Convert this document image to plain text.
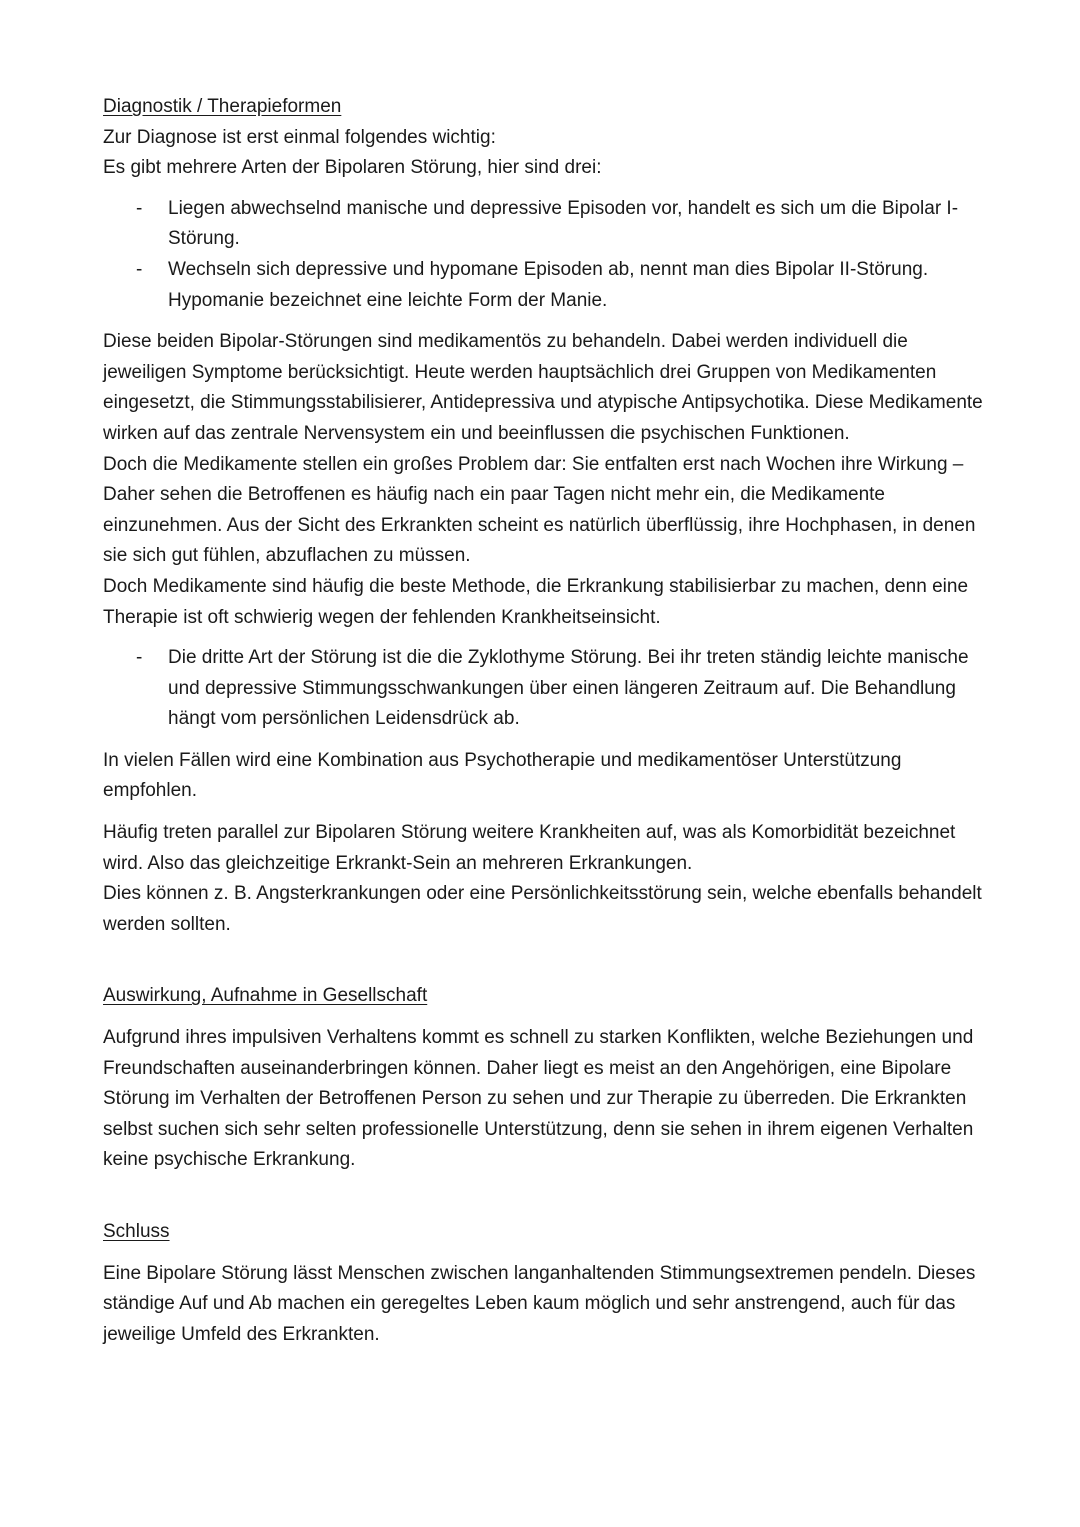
Diagnostik / Therapieformen

Zur Diagnose ist erst einmal folgendes wichtig:

Es gibt mehrere Arten der Bipolaren Störung, hier sind drei:

- Liegen abwechselnd manische und depressive Episoden vor, handelt es sich um die Bipolar I-Störung.
- Wechseln sich depressive und hypomane Episoden ab, nennt man dies Bipolar II-Störung. Hypomanie bezeichnet eine leichte Form der Manie.

Diese beiden Bipolar-Störungen sind medikamentös zu behandeln. Dabei werden individuell die jeweiligen Symptome berücksichtigt. Heute werden hauptsächlich drei Gruppen von Medikamenten eingesetzt, die Stimmungsstabilisierer, Antidepressiva und atypische Antipsychotika. Diese Medikamente wirken auf das zentrale Nervensystem ein und beeinflussen die psychischen Funktionen.

Doch die Medikamente stellen ein großes Problem dar: Sie entfalten erst nach Wochen ihre Wirkung – Daher sehen die Betroffenen es häufig nach ein paar Tagen nicht mehr ein, die Medikamente einzunehmen. Aus der Sicht des Erkrankten scheint es natürlich überflüssig, ihre Hochphasen, in denen sie sich gut fühlen, abzuflachen zu müssen.

Doch Medikamente sind häufig die beste Methode, die Erkrankung stabilisierbar zu machen, denn eine Therapie ist oft schwierig wegen der fehlenden Krankheitseinsicht.

- Die dritte Art der Störung ist die die Zyklothyme Störung. Bei ihr treten ständig leichte manische und depressive Stimmungsschwankungen über einen längeren Zeitraum auf. Die Behandlung hängt vom persönlichen Leidensdrück ab.

In vielen Fällen wird eine Kombination aus Psychotherapie und medikamentöser Unterstützung empfohlen.

Häufig treten parallel zur Bipolaren Störung weitere Krankheiten auf, was als Komorbidität bezeichnet wird. Also das gleichzeitige Erkrankt-Sein an mehreren Erkrankungen.

Dies können z. B. Angsterkrankungen oder eine Persönlichkeitsstörung sein, welche ebenfalls behandelt werden sollten.

Auswirkung, Aufnahme in Gesellschaft

Aufgrund ihres impulsiven Verhaltens kommt es schnell zu starken Konflikten, welche Beziehungen und Freundschaften auseinanderbringen können. Daher liegt es meist an den Angehörigen, eine Bipolare Störung im Verhalten der Betroffenen Person zu sehen und zur Therapie zu überreden. Die Erkrankten selbst suchen sich sehr selten professionelle Unterstützung, denn sie sehen in ihrem eigenen Verhalten keine psychische Erkrankung.

Schluss

Eine Bipolare Störung lässt Menschen zwischen langanhaltenden Stimmungsextremen pendeln. Dieses ständige Auf und Ab machen ein geregeltes Leben kaum möglich und sehr anstrengend, auch für das jeweilige Umfeld des Erkrankten.
